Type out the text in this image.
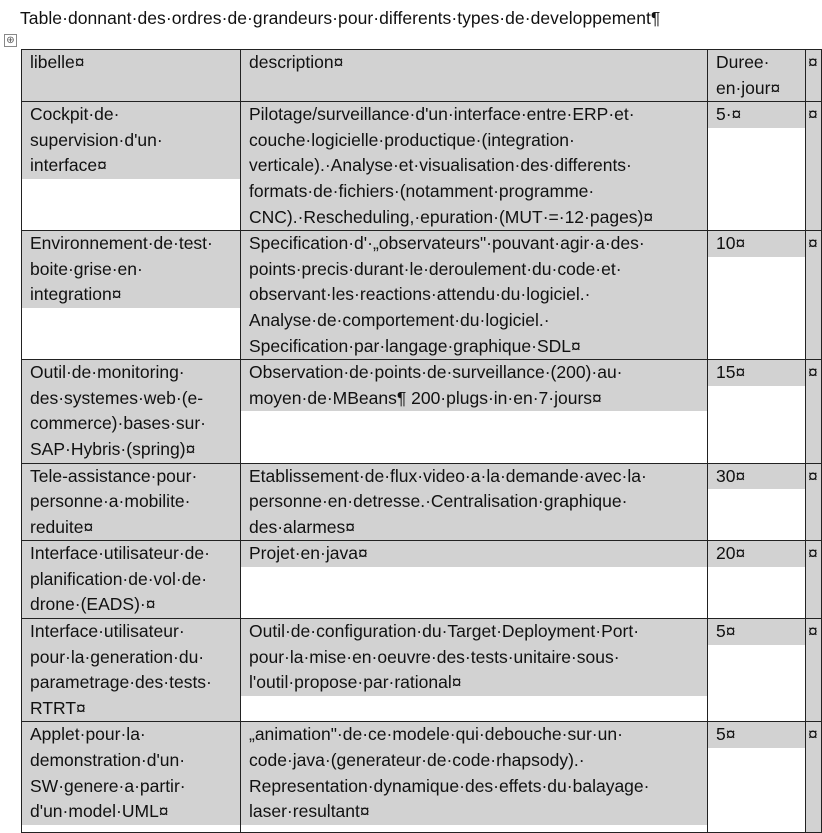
Table·donnant·des·ordres·de·grandeurs·pour·differents·types·de·developpement¶
⊕
libelle¤	description¤	Duree· en·jour¤	¤

Cockpit·de· supervision·d'un· interface¤	Pilotage/surveillance·d'un·interface·entre·ERP·et· couche·logicielle·productique·(integration· verticale).·Analyse·et·visualisation·des·differents· formats·de·fichiers·(notamment·programme· CNC).·Rescheduling,·epuration·(MUT·=·12·pages)¤	5·¤	¤

Environnement·de·test· boite·grise·en· integration¤	Specification·d'·„observateurs"·pouvant·agir·a·des· points·precis·durant·le·deroulement·du·code·et· observant·les·reactions·attendu·du·logiciel.· Analyse·de·comportement·du·logiciel.· Specification·par·langage·graphique·SDL¤	10¤	¤

Outil·de·monitoring· des·systemes·web·(e- commerce)·bases·sur· SAP·Hybris·(spring)¤	Observation·de·points·de·surveillance·(200)·au· moyen·de·MBeans¶ 200·plugs·in·en·7·jours¤	15¤	¤

Tele-assistance·pour· personne·a·mobilite· reduite¤	Etablissement·de·flux·video·a·la·demande·avec·la· personne·en·detresse.·Centralisation·graphique· des·alarmes¤	30¤	¤

Interface·utilisateur·de· planification·de·vol·de· drone·(EADS)·¤	Projet·en·java¤	20¤	¤

Interface·utilisateur· pour·la·generation·du· parametrage·des·tests· RTRT¤	Outil·de·configuration·du·Target·Deployment·Port· pour·la·mise·en·oeuvre·des·tests·unitaire·sous· l'outil·propose·par·rational¤	5¤	¤

Applet·pour·la· demonstration·d'un· SW·genere·a·partir· d'un·model·UML¤	„animation"·de·ce·modele·qui·debouche·sur·un· code·java·(generateur·de·code·rhapsody).· Representation·dynamique·des·effets·du·balayage· laser·resultant¤	5¤	¤
